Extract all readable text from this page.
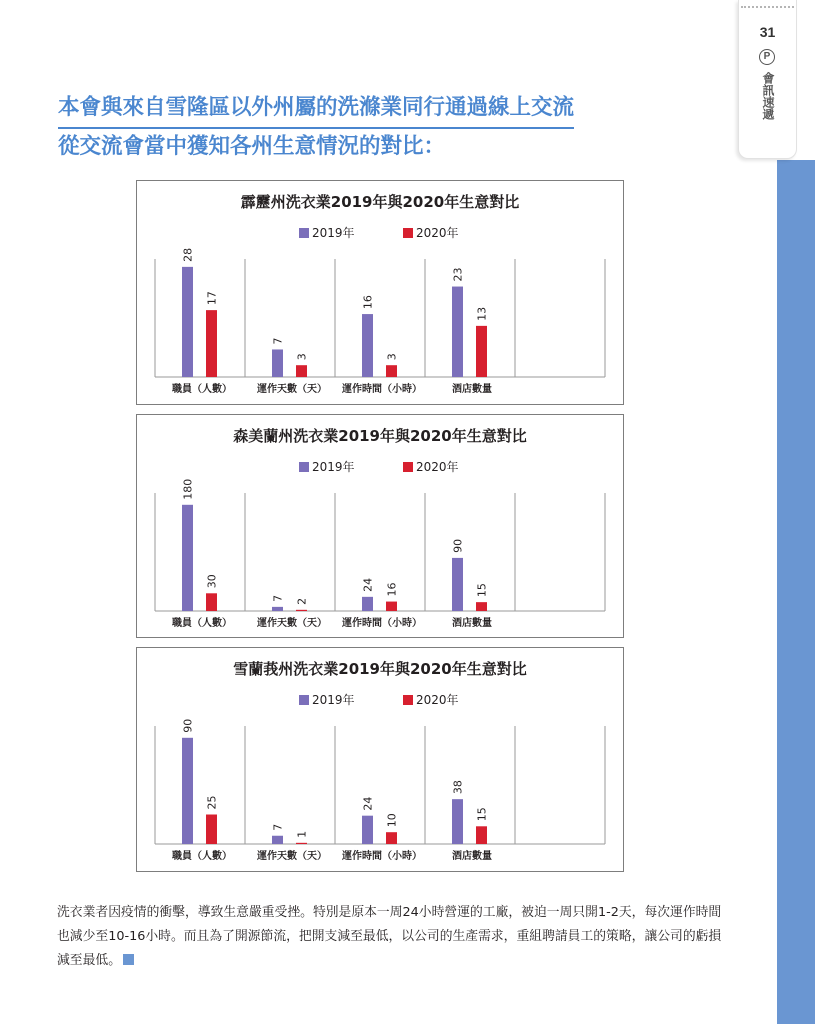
31
P
會訊速遞
本會與來自雪隆區以外州屬的洗滌業同行通過線上交流
從交流會當中獲知各州生意情況的對比：
霹靂州洗衣業2019年與2020年生意對比
2019年	2020年
28
17
職員（人數）
7
3
運作天數（天）
16
3
運作時間（小時）
23
13
酒店數量
森美蘭州洗衣業2019年與2020年生意對比
2019年	2020年
180
30
職員（人數）
7 2
運作天數（天）
24 16
運作時間（小時）
90
15
酒店數量
雪蘭莪州洗衣業2019年與2020年生意對比
2019年	2020年
90
25
職員（人數）
7
1
運作天數（天）
24
10
運作時間（小時）
38
15
酒店數量
洗衣業者因疫情的衝擊，導致生意嚴重受挫。特別是原本一周24小時營運的工廠，被迫一周只開1-2天，每次運作時間也減少至10-16小時。而且為了開源節流，把開支減至最低，以公司的生產需求，重組聘請員工的策略，讓公司的虧損減至最低。
